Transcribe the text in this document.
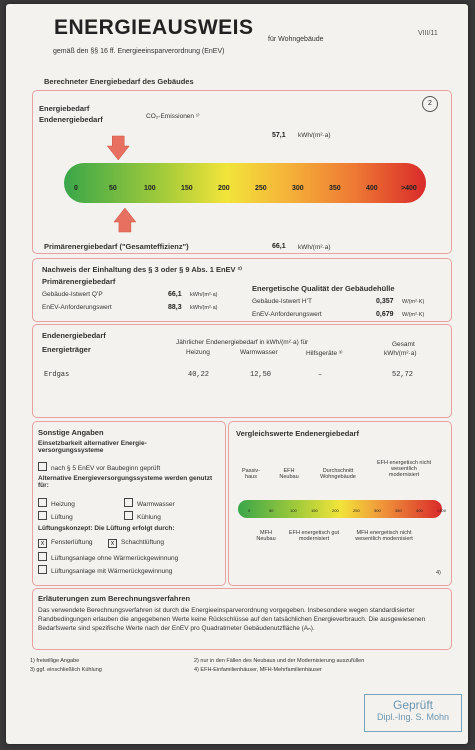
ENERGIEAUSWEIS
für Wohngebäude
VIII/11
gemäß den §§ 16 ff. Energieeinsparverordnung (EnEV)
Berechneter Energiebedarf des Gebäudes
2
Energiebedarf
Endenergiebedarf	CO₂-Emissionen ¹⁾
57,1 kWh/(m²·a)
0	50	100	150	200	250	300	350	400	>400
Primärenergiebedarf ("Gesamteffizienz")	66,1 kWh/(m²·a)
Nachweis der Einhaltung des § 3 oder § 9 Abs. 1 EnEV ²⁾
Primärenergiebedarf
Gebäude-Istwert Q’P	66,1 kWh/(m²·a)
EnEV-Anforderungswert	88,3 kWh/(m²·a)
Energetische Qualität der Gebäudehülle
Gebäude-Istwert H’T	0,357 W/(m²·K)
EnEV-Anforderungswert	0,679 W/(m²·K)
Endenergiebedarf
Energieträger
Jährlicher Endenergiebedarf in kWh/(m²·a) für
Heizung	Warmwasser	Hilfsgeräte ³⁾
Gesamt
kWh/(m²·a)
Erdgas	40,22	12,50	–	52,72
Sonstige Angaben
Einsetzbarkeit alternativer Energie-versorgungssysteme
nach § 5 EnEV vor Baubeginn geprüft
Alternative Energieversorgungssysteme werden genutzt für:
Heizung	Warmwasser
Lüftung	Kühlung
Lüftungskonzept: Die Lüftung erfolgt durch:
x Fensterlüftung	x Schachtlüftung
Lüftungsanlage ohne Wärmerückgewinnung
Lüftungsanlage mit Wärmerückgewinnung
Vergleichswerte Endenergiebedarf
Passiv-haus
EFH Neubau
Durchschnitt Wohngebäude
EFH energetisch nicht wesentlich modernisiert
0	50	100	150	200	250	300	350	400	>400
MFH Neubau
EFH energetisch gut modernisiert
MFH energetisch nicht wesentlich modernisiert
4)
Erläuterungen zum Berechnungsverfahren
Das verwendete Berechnungsverfahren ist durch die Energieeinsparverordnung vorgegeben. Insbesondere wegen standardisierter Randbedingungen erlauben die angegebenen Werte keine Rückschlüsse auf den tatsächlichen Energieverbrauch. Die ausgewiesenen Bedarfswerte sind spezifische Werte nach der EnEV pro Quadratmeter Gebäudenutzfläche (Aₙ).
1) freiwillige Angabe
3) ggf. einschließlich Kühlung
2) nur in den Fällen des Neubaus und der Modernisierung auszufüllen
4) EFH-Einfamilienhäuser, MFH-Mehrfamilienhäuser
Geprüft
Dipl.-Ing. S. Mohn
